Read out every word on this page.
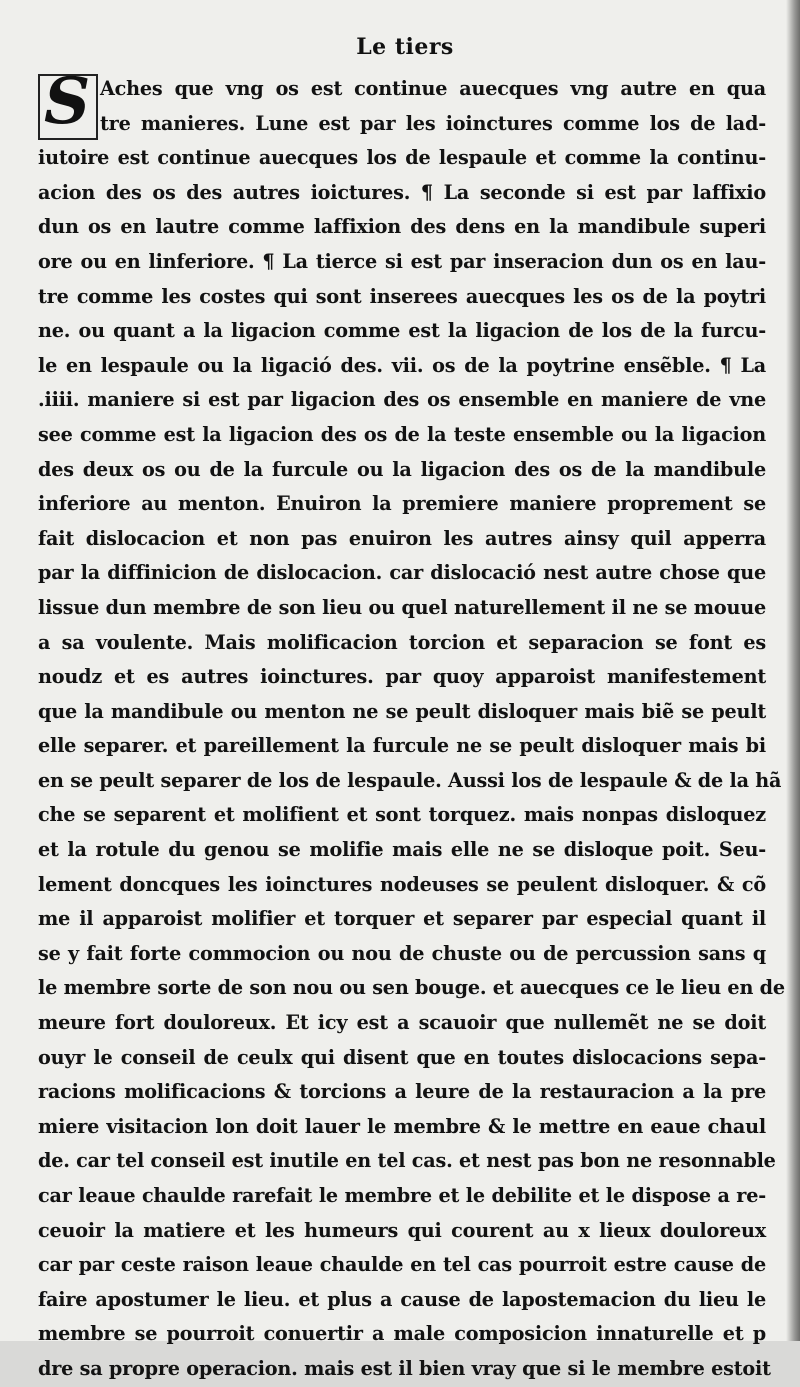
Le tiers
S Aches que vng os est continue auecques vng autre en qua
tre manieres. Lune est par les ioinctures comme los de lad-
iutoire est continue auecques los de lespaule et comme la continu-
acion des os des autres ioictures. ¶ La seconde si est par laffixio
dun os en lautre comme laffixion des dens en la mandibule superi
ore ou en linferiore. ¶ La tierce si est par inseracion dun os en lau-
tre comme les costes qui sont inserees auecques les os de la poytri
ne. ou quant a la ligacion comme est la ligacion de los de la furcu-
le en lespaule ou la ligació des. vii. os de la poytrine ensẽble. ¶ La
.iiii. maniere si est par ligacion des os ensemble en maniere de vne
see comme est la ligacion des os de la teste ensemble ou la ligacion
des deux os ou de la furcule ou la ligacion des os de la mandibule
inferiore au menton. Enuiron la premiere maniere proprement se
fait dislocacion et non pas enuiron les autres ainsy quil apperra
par la diffinicion de dislocacion. car dislocació nest autre chose que
lissue dun membre de son lieu ou quel naturellement il ne se mouue
a sa voulente. Mais molificacion torcion et separacion se font es
noudz et es autres ioinctures. par quoy apparoist manifestement
que la mandibule ou menton ne se peult disloquer mais biẽ se peult
elle separer. et pareillement la furcule ne se peult disloquer mais bi
en se peult separer de los de lespaule. Aussi los de lespaule & de la hã
che se separent et molifient et sont torquez. mais nonpas disloquez
et la rotule du genou se molifie mais elle ne se disloque poit. Seu-
lement doncques les ioinctures nodeuses se peulent disloquer. & cõ
me il apparoist molifier et torquer et separer par especial quant il
se y fait forte commocion ou nou de chuste ou de percussion sans q
le membre sorte de son nou ou sen bouge. et auecques ce le lieu en de
meure fort douloreux. Et icy est a scauoir que nullemẽt ne se doit
ouyr le conseil de ceulx qui disent que en toutes dislocacions sepa-
racions molificacions & torcions a leure de la restauracion a la pre
miere visitacion lon doit lauer le membre & le mettre en eaue chaul
de. car tel conseil est inutile en tel cas. et nest pas bon ne resonnable
car leaue chaulde rarefait le membre et le debilite et le dispose a re-
ceuoir la matiere et les humeurs qui courent au x lieux douloreux
car par ceste raison leaue chaulde en tel cas pourroit estre cause de
faire apostumer le lieu. et plus a cause de lapostemacion du lieu le
membre se pourroit conuertir a male composicion innaturelle et p
dre sa propre operacion. mais est il bien vray que si le membre estoit
